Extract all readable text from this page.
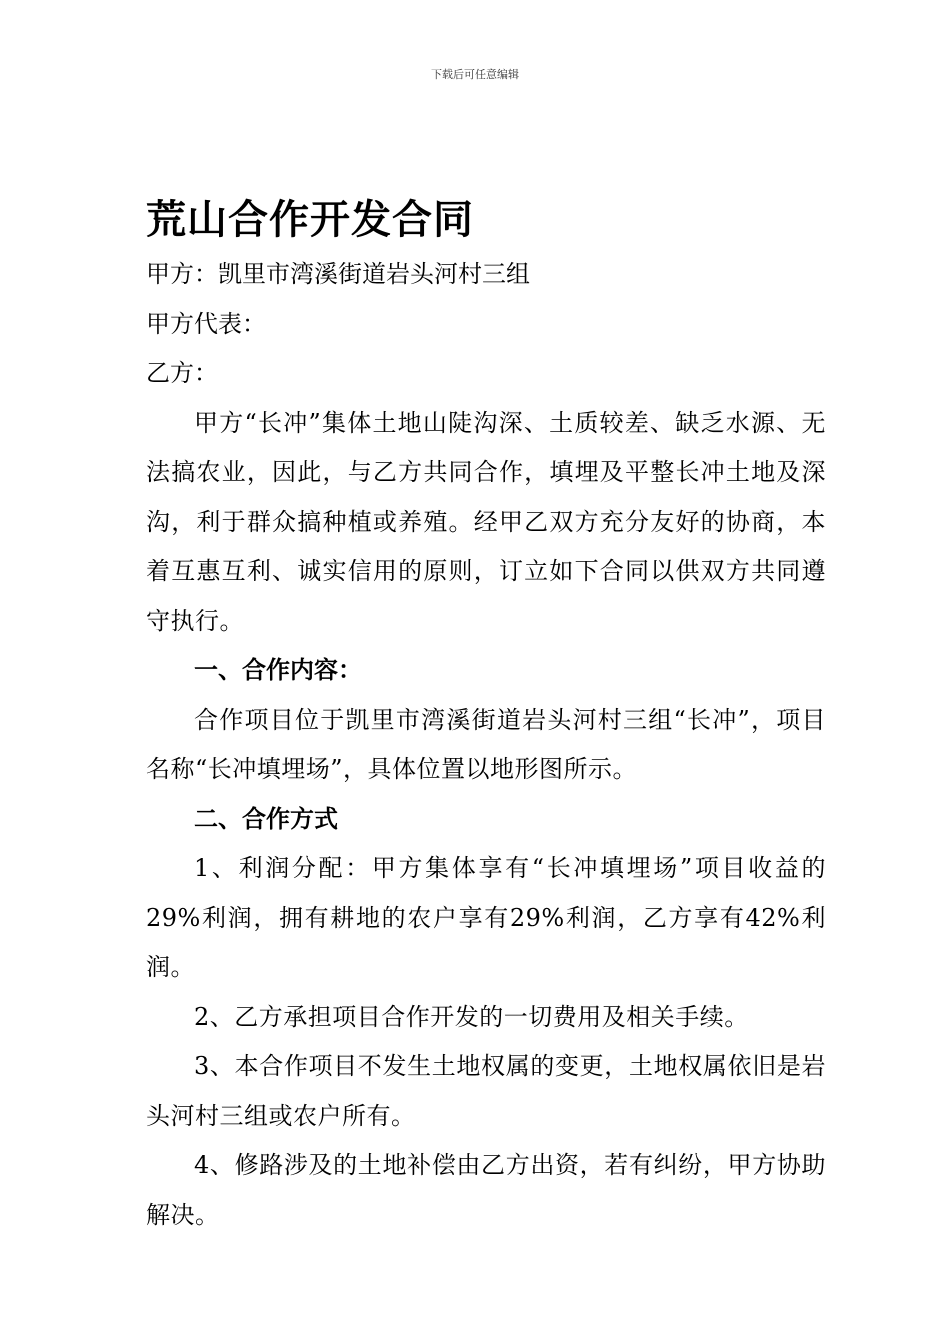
下载后可任意编辑
荒山合作开发合同

甲方：凯里市湾溪街道岩头河村三组

甲方代表：

乙方：

甲方“长冲”集体土地山陡沟深、土质较差、缺乏水源、无法搞农业，因此，与乙方共同合作，填埋及平整长冲土地及深沟，利于群众搞种植或养殖。经甲乙双方充分友好的协商，本着互惠互利、诚实信用的原则，订立如下合同以供双方共同遵守执行。

一、合作内容：

合作项目位于凯里市湾溪街道岩头河村三组“长冲”，项目名称“长冲填埋场”，具体位置以地形图所示。

二、合作方式

1、利润分配：甲方集体享有“长冲填埋场”项目收益的29%利润，拥有耕地的农户享有29%利润，乙方享有42%利润。

2、乙方承担项目合作开发的一切费用及相关手续。

3、本合作项目不发生土地权属的变更，土地权属依旧是岩头河村三组或农户所有。

4、修路涉及的土地补偿由乙方出资，若有纠纷，甲方协助解决。
